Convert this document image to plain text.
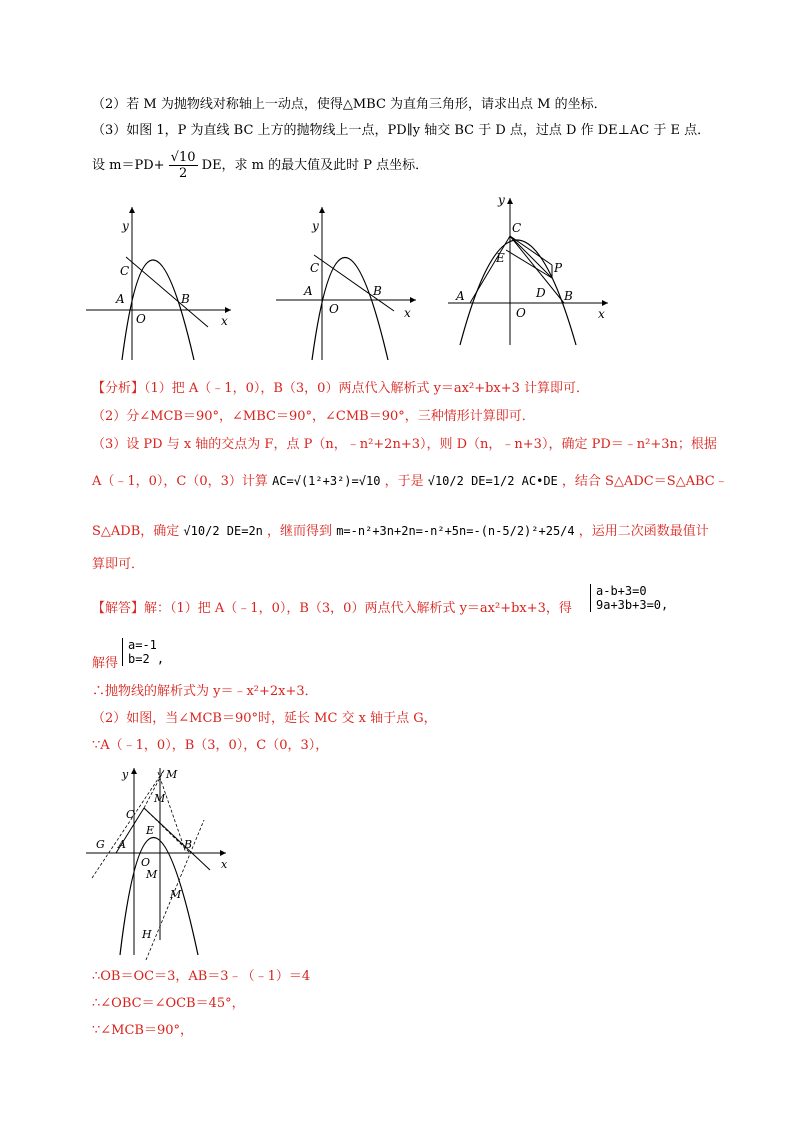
（2）若 M 为抛物线对称轴上一动点，使得△MBC 为直角三角形，请求出点 M 的坐标．
（3）如图 1，P 为直线 BC 上方的抛物线上一点，PD∥y 轴交 BC 于 D 点，过点 D 作 DE⊥AC 于 E 点．
设 $m=PD+ \frac{√10}{2}$ DE，求 m 的最大值及此时 P 点坐标．
A	B
C
O
y
x
A	B
C
O
y
x
A	B
C
D
E
P
O
y
x
【分析】（1）把 A（﹣1，0），B（3，0）两点代入解析式 y＝ax²+bx+3 计算即可．
（2）分∠MCB＝90°，∠MBC＝90°，∠CMB＝90°，三种情形计算即可．
（3）设 PD 与 x 轴的交点为 F，点 P（n，﹣n²+2n+3），则 D（n，﹣n+3），确定 PD＝﹣n²+3n；根据
A（﹣1，0），C（0，3）计算 AC=√(1²+3²)=√10 ，于是 √10/2 DE=1/2 AC•DE ，结合 S△ADC＝S△ABC﹣
S△ADB，确定 √10/2 DE=2n ，继而得到 m=-n²+3n+2n=-n²+5n=-(n-5/2)²+25/4 ，运用二次函数最值计
算即可．
【解答】解：（1）把 A（﹣1，0），B（3，0）两点代入解析式 y＝ax²+bx+3，得
a-b+3=0
9a+3b+3=0,
解得
a=-1
b=2 ,
∴抛物线的解析式为 y＝﹣x²+2x+3．
（2）如图，当∠MCB＝90°时，延长 MC 交 x 轴于点 G，
∵A（﹣1，0），B（3，0），C（0，3），
y	M
M
C
E
G A
O
B
M
M
H
x
∴OB＝OC＝3，AB＝3﹣（﹣1）＝4
∴∠OBC＝∠OCB＝45°，
∵∠MCB＝90°，
